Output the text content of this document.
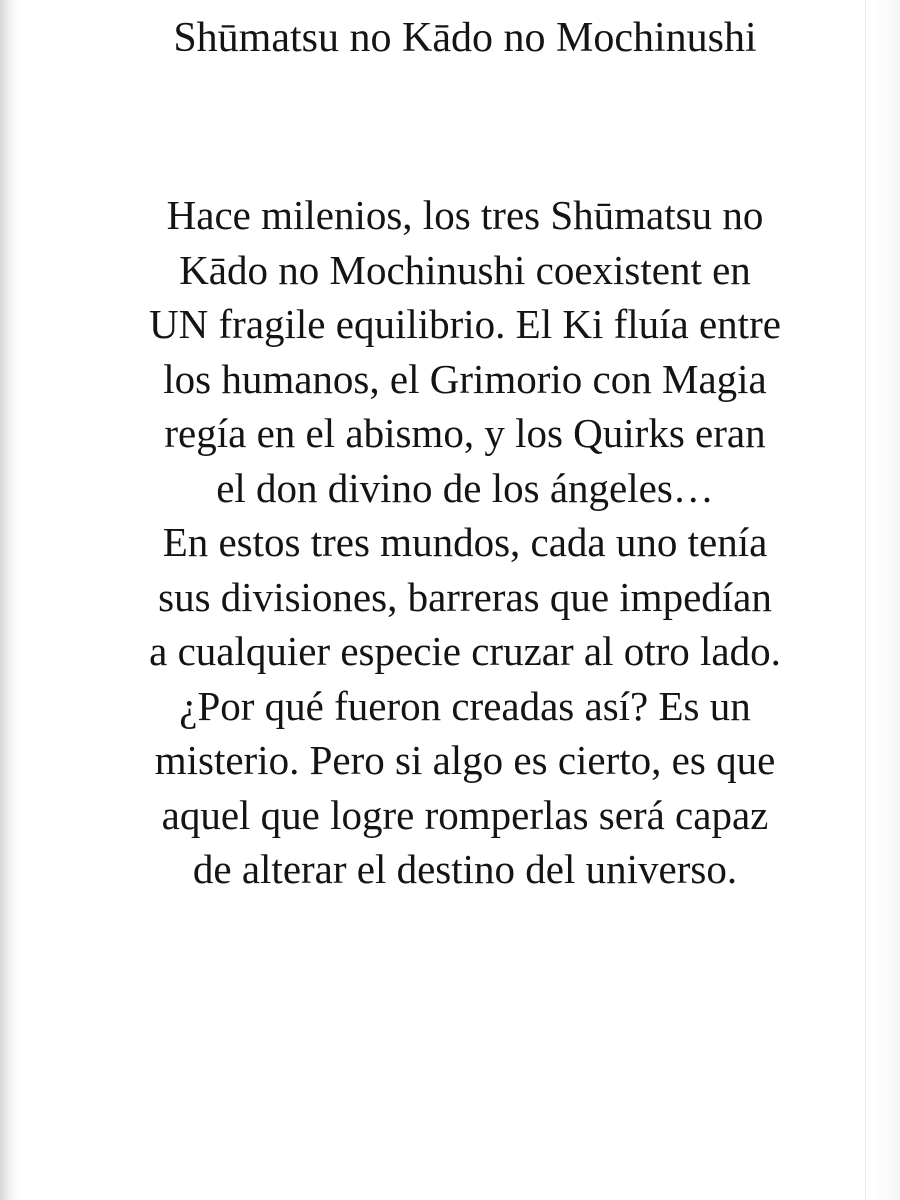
Shūmatsu no Kādo no Mochinushi
Hace milenios, los tres Shūmatsu no
Kādo no Mochinushi coexistent en
UN fragile equilibrio. El Ki fluía entre
los humanos, el Grimorio con Magia
regía en el abismo, y los Quirks eran
el don divino de los ángeles…
En estos tres mundos, cada uno tenía
sus divisiones, barreras que impedían
a cualquier especie cruzar al otro lado.
¿Por qué fueron creadas así? Es un
misterio. Pero si algo es cierto, es que
aquel que logre romperlas será capaz
de alterar el destino del universo.
